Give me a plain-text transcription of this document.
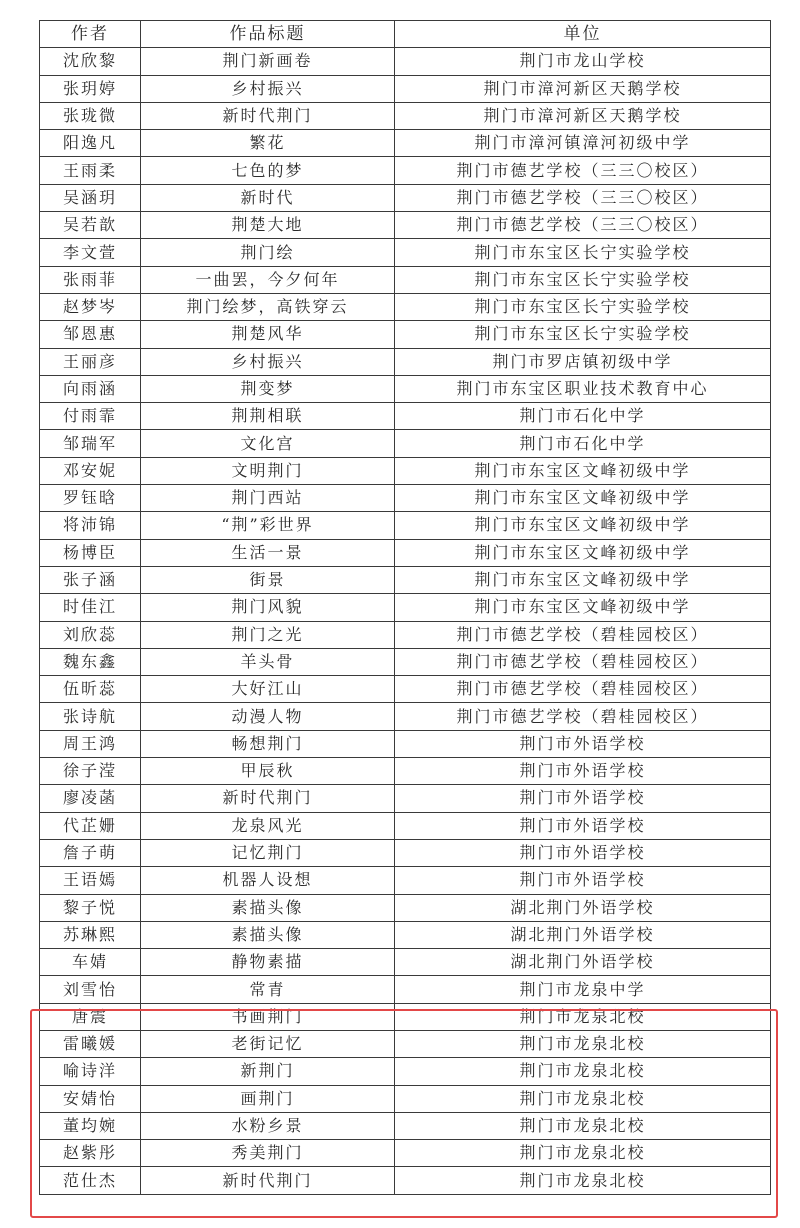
作者	作品标题	单位
沈欣黎	荆门新画卷	荆门市龙山学校
张玥婷	乡村振兴	荆门市漳河新区天鹅学校
张珑微	新时代荆门	荆门市漳河新区天鹅学校
阳逸凡	繁花	荆门市漳河镇漳河初级中学
王雨柔	七色的梦	荆门市德艺学校（三三〇校区）
吴涵玥	新时代	荆门市德艺学校（三三〇校区）
吴若歆	荆楚大地	荆门市德艺学校（三三〇校区）
李文萱	荆门绘	荆门市东宝区长宁实验学校
张雨菲	一曲罢，今夕何年	荆门市东宝区长宁实验学校
赵梦岑	荆门绘梦，高铁穿云	荆门市东宝区长宁实验学校
邹恩惠	荆楚风华	荆门市东宝区长宁实验学校
王丽彦	乡村振兴	荆门市罗店镇初级中学
向雨涵	荆变梦	荆门市东宝区职业技术教育中心
付雨霏	荆荆相联	荆门市石化中学
邹瑞军	文化宫	荆门市石化中学
邓安妮	文明荆门	荆门市东宝区文峰初级中学
罗钰晗	荆门西站	荆门市东宝区文峰初级中学
将沛锦	“荆”彩世界	荆门市东宝区文峰初级中学
杨博臣	生活一景	荆门市东宝区文峰初级中学
张子涵	街景	荆门市东宝区文峰初级中学
时佳江	荆门风貌	荆门市东宝区文峰初级中学
刘欣蕊	荆门之光	荆门市德艺学校（碧桂园校区）
魏东鑫	羊头骨	荆门市德艺学校（碧桂园校区）
伍昕蕊	大好江山	荆门市德艺学校（碧桂园校区）
张诗航	动漫人物	荆门市德艺学校（碧桂园校区）
周王鸿	畅想荆门	荆门市外语学校
徐子滢	甲辰秋	荆门市外语学校
廖凌菡	新时代荆门	荆门市外语学校
代芷姗	龙泉风光	荆门市外语学校
詹子萌	记忆荆门	荆门市外语学校
王语嫣	机器人设想	荆门市外语学校
黎子悦	素描头像	湖北荆门外语学校
苏琳熙	素描头像	湖北荆门外语学校
车婧	静物素描	湖北荆门外语学校
刘雪怡	常青	荆门市龙泉中学
唐震	书画荆门	荆门市龙泉北校
雷曦媛	老街记忆	荆门市龙泉北校
喻诗洋	新荆门	荆门市龙泉北校
安婧怡	画荆门	荆门市龙泉北校
董均婉	水粉乡景	荆门市龙泉北校
赵紫彤	秀美荆门	荆门市龙泉北校
范仕杰	新时代荆门	荆门市龙泉北校
